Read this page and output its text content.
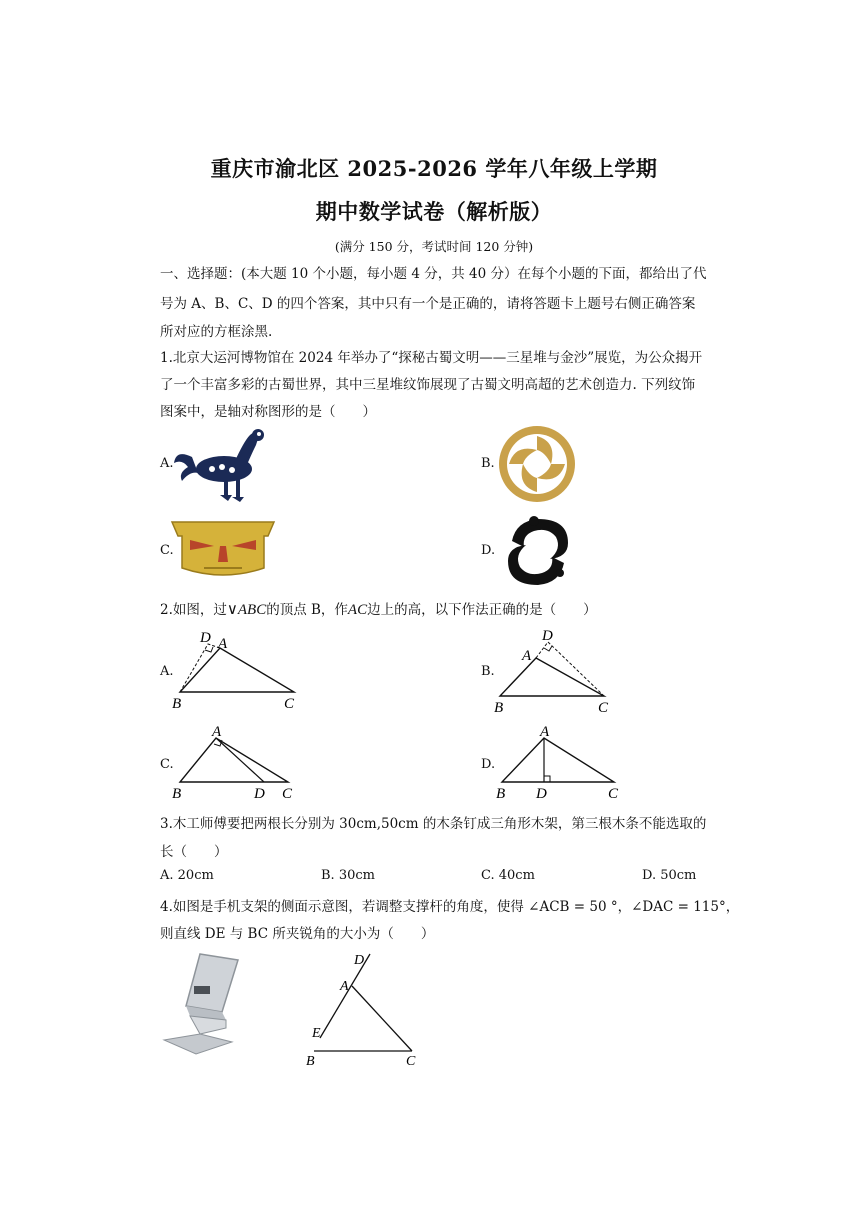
重庆市渝北区 2025-2026 学年八年级上学期
期中数学试卷（解析版）
(满分 150 分，考试时间 120 分钟)
一、选择题：(本大题 10 个小题，每小题 4 分，共 40 分）在每个小题的下面，都给出了代
号为 A、B、C、D 的四个答案，其中只有一个是正确的，请将答题卡上题号右侧正确答案
所对应的方框涂黑.
1.北京大运河博物馆在 2024 年举办了“探秘古蜀文明——三星堆与金沙”展览，为公众揭开
了一个丰富多彩的古蜀世界，其中三星堆纹饰展现了古蜀文明高超的艺术创造力. 下列纹饰
图案中，是轴对称图形的是（　　）
A.	B.
C.	D.
2.如图，过∨ABC的顶点 B，作AC边上的高，以下作法正确的是（　　）
A.
B	C
D A
B.
B	C
A
D
C.
B	D C
A
D.
B D	C
A
3.木工师傅要把两根长分别为 30cm,50cm 的木条钉成三角形木架，第三根木条不能选取的
长（　　）
A. 20cm	B. 30cm	C. 40cm	D. 50cm
4.如图是手机支架的侧面示意图，若调整支撑杆的角度，使得 ∠ACB = 50 °，∠DAC = 115°，
则直线 DE 与 BC 所夹锐角的大小为（　　）
D
A
E
B	C
